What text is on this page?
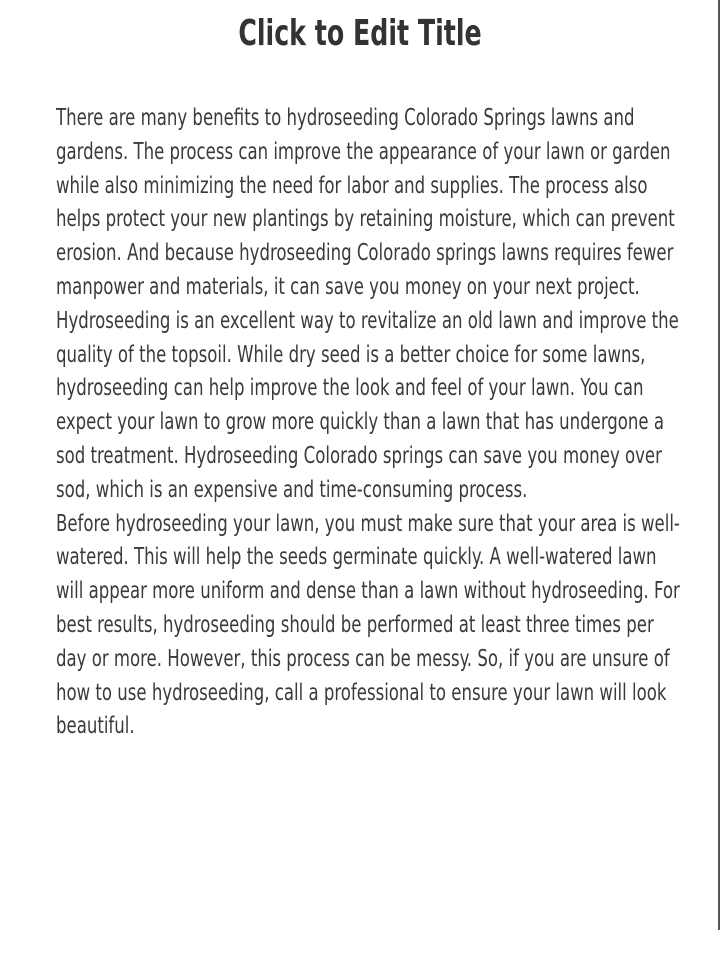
Click to Edit Title

There are many benefits to hydroseeding Colorado Springs lawns and gardens. The process can improve the appearance of your lawn or garden while also minimizing the need for labor and supplies. The process also helps protect your new plantings by retaining moisture, which can prevent erosion. And because hydroseeding Colorado springs lawns requires fewer manpower and materials, it can save you money on your next project. Hydroseeding is an excellent way to revitalize an old lawn and improve the quality of the topsoil. While dry seed is a better choice for some lawns, hydroseeding can help improve the look and feel of your lawn. You can expect your lawn to grow more quickly than a lawn that has undergone a sod treatment. Hydroseeding Colorado springs can save you money over sod, which is an expensive and time-consuming process.

Before hydroseeding your lawn, you must make sure that your area is well-watered. This will help the seeds germinate quickly. A well-watered lawn will appear more uniform and dense than a lawn without hydroseeding. For best results, hydroseeding should be performed at least three times per day or more. However, this process can be messy. So, if you are unsure of how to use hydroseeding, call a professional to ensure your lawn will look beautiful.
